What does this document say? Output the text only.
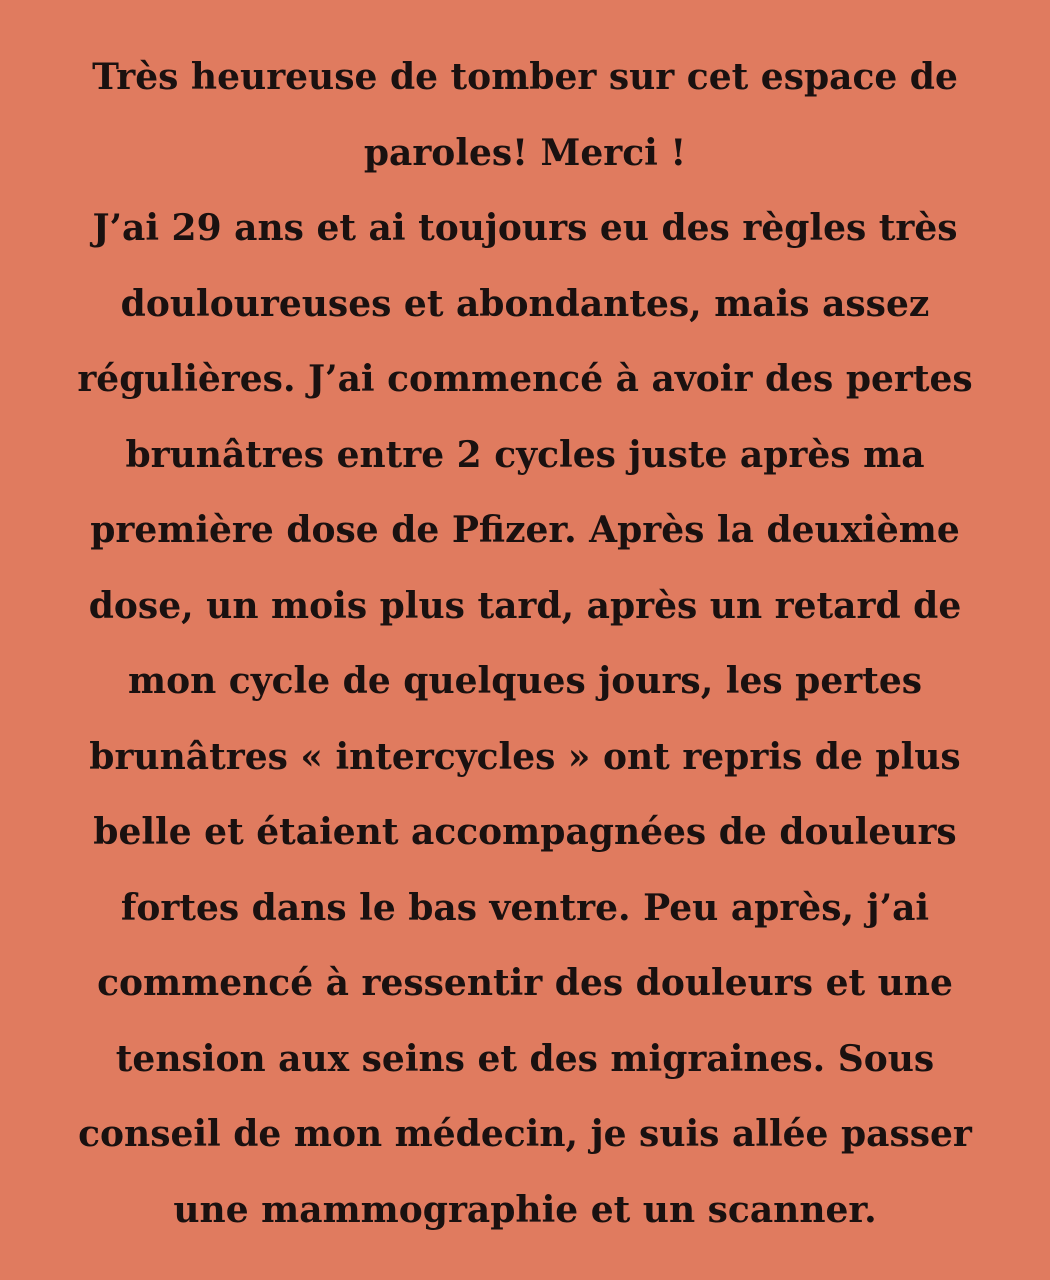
Très heureuse de tomber sur cet espace de paroles! Merci !

J’ai 29 ans et ai toujours eu des règles très douloureuses et abondantes, mais assez régulières. J’ai commencé à avoir des pertes brunâtres entre 2 cycles juste après ma première dose de Pfizer. Après la deuxième dose, un mois plus tard, après un retard de mon cycle de quelques jours, les pertes brunâtres « intercycles » ont repris de plus belle et étaient accompagnées de douleurs fortes dans le bas ventre. Peu après, j’ai commencé à ressentir des douleurs et une tension aux seins et des migraines. Sous conseil de mon médecin, je suis allée passer une mammographie et un scanner.
